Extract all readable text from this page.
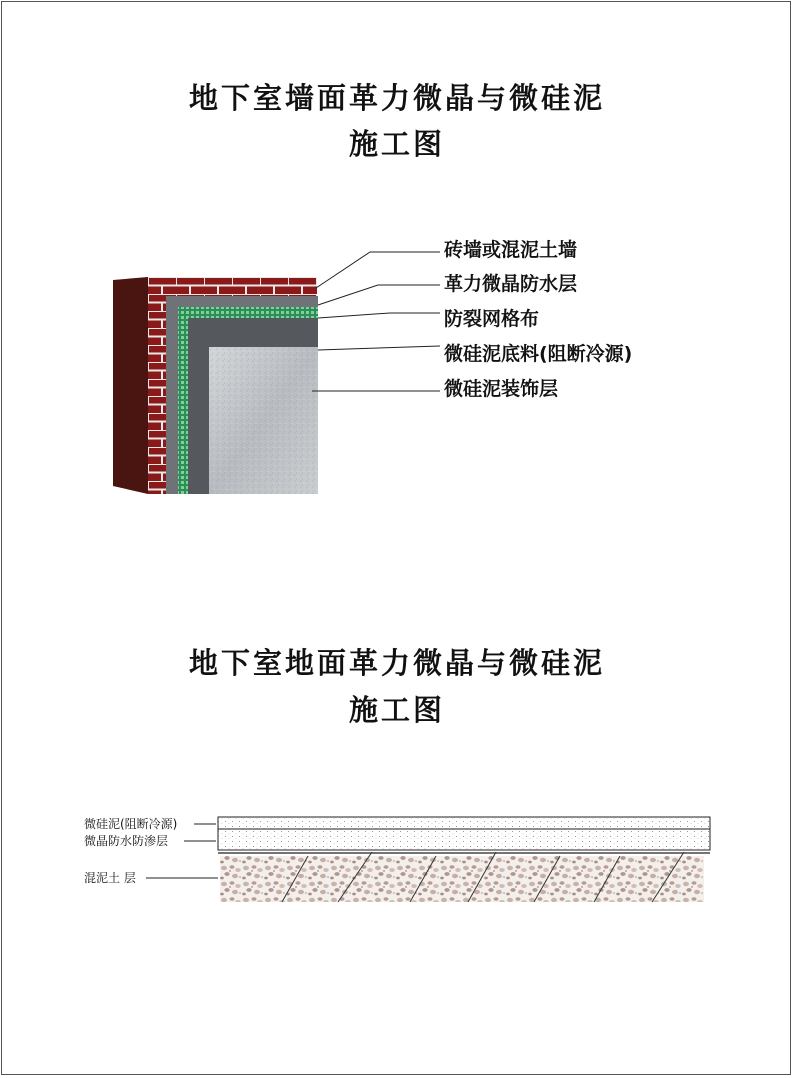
地下室墙面革力微晶与微硅泥
施工图
砖墙或混泥土墙
革力微晶防水层
防裂网格布
微硅泥底料(阻断冷源)
微硅泥装饰层
地下室地面革力微晶与微硅泥
施工图
微硅泥(阻断冷源)
微晶防水防渗层
混泥土 层
